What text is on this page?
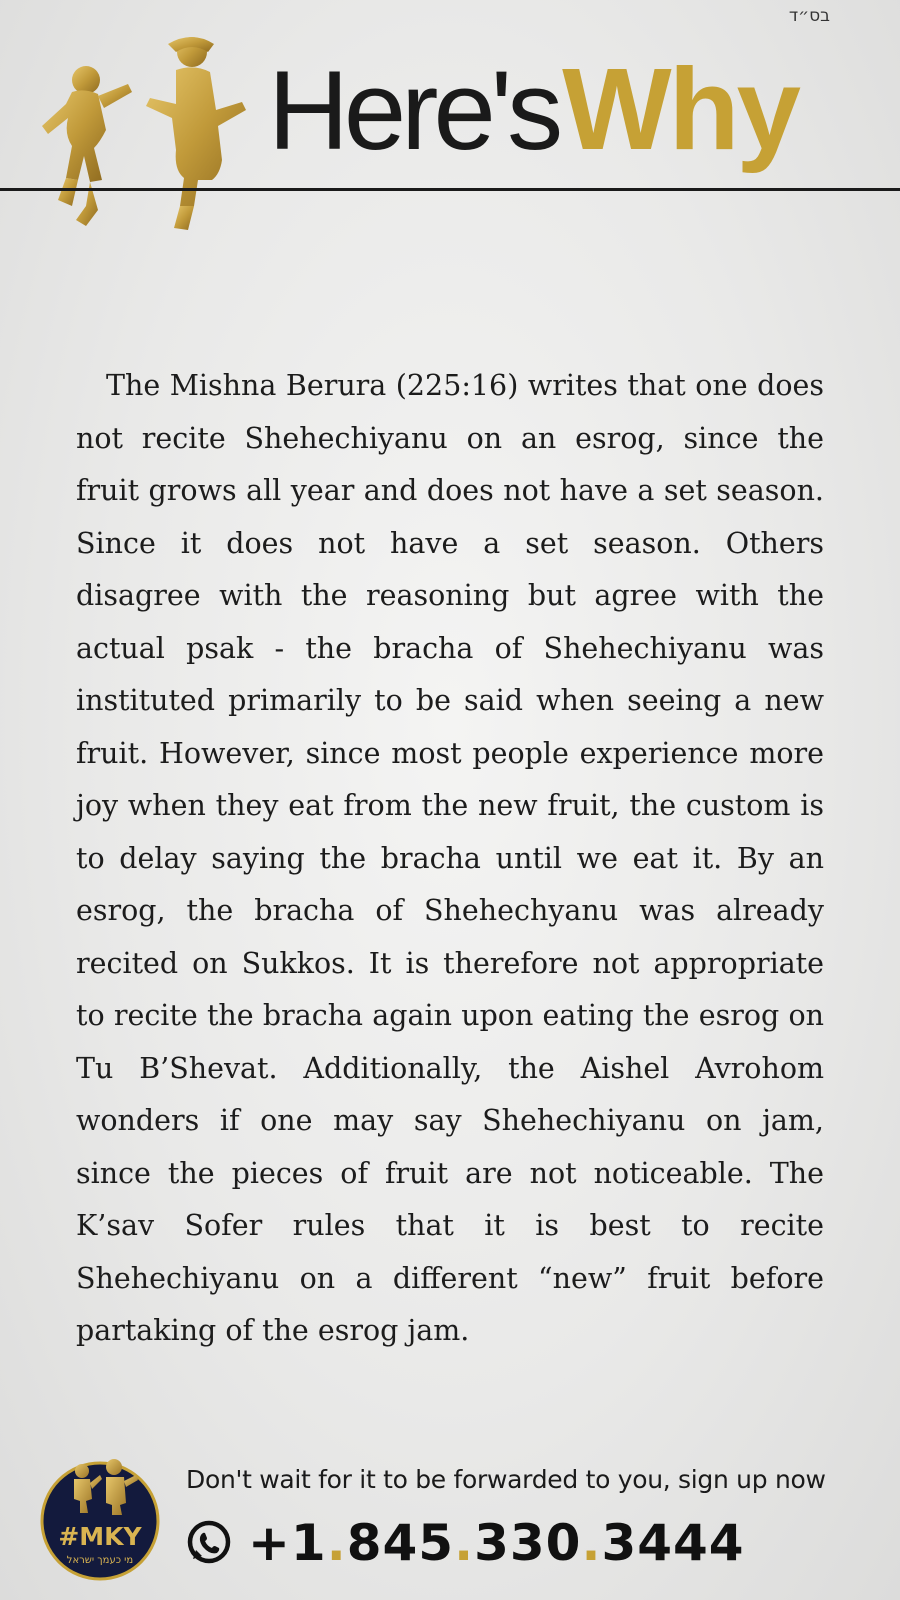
בס״ד
Here'sWhy
The Mishna Berura (225:16) writes that one does not recite Shehechiyanu on an esrog, since the fruit grows all year and does not have a set season. Since it does not have a set season. Others disagree with the reasoning but agree with the actual psak - the bracha of Shehechiyanu was instituted primarily to be said when seeing a new fruit. However, since most people experience more joy when they eat from the new fruit, the custom is to delay saying the bracha until we eat it. By an esrog, the bracha of Shehechyanu was already recited on Sukkos. It is therefore not appropriate to recite the bracha again upon eating the esrog on Tu B’Shevat. Additionally, the Aishel Avrohom wonders if one may say Shehechiyanu on jam, since the pieces of fruit are not noticeable. The K’sav Sofer rules that it is best to recite Shehechiyanu on a different “new” fruit before partaking of the esrog jam.
#MKY
מי כעמך ישראל
Don't wait for it to be forwarded to you, sign up now
+1.845.330.3444
